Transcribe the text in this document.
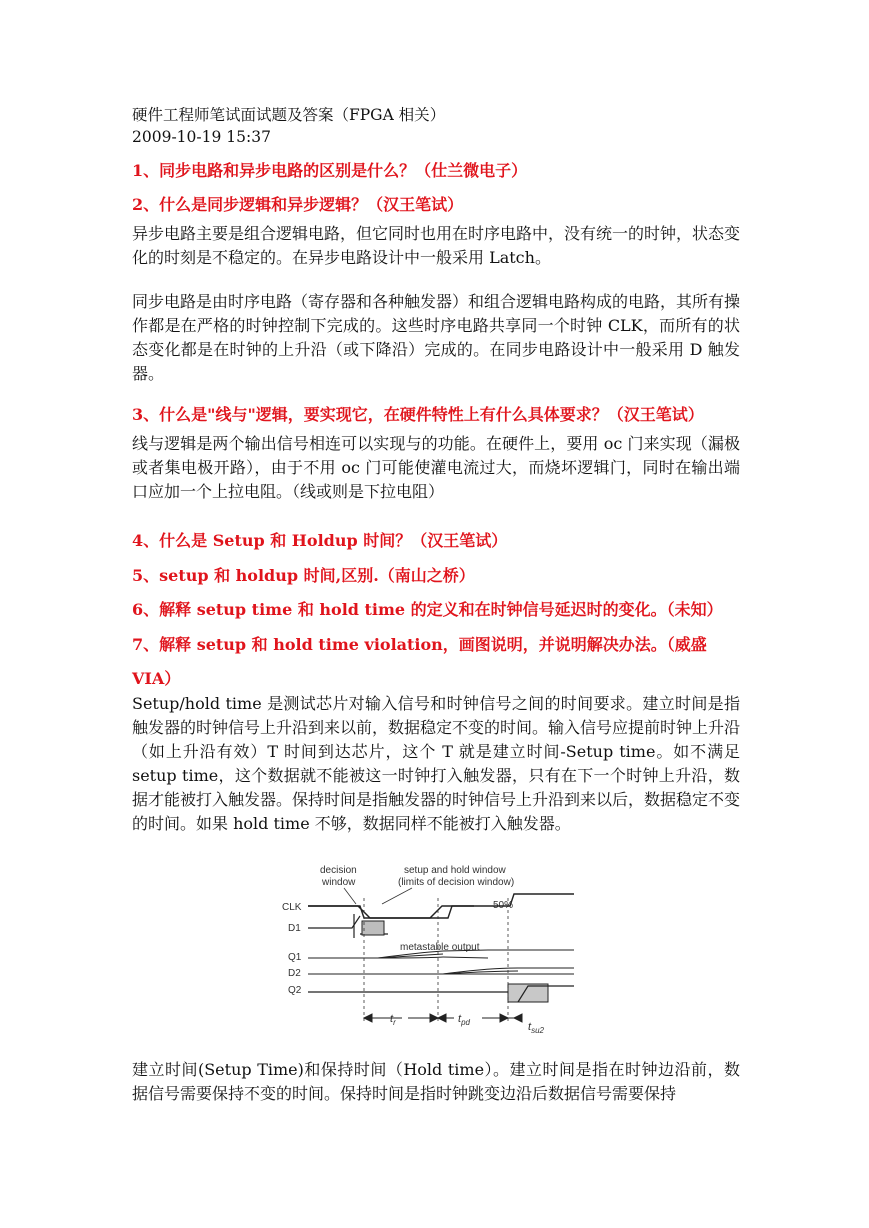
硬件工程师笔试面试题及答案（FPGA 相关）

2009-10-19 15:37

1、同步电路和异步电路的区别是什么？（仕兰微电子）

2、什么是同步逻辑和异步逻辑？（汉王笔试）

异步电路主要是组合逻辑电路，但它同时也用在时序电路中，没有统一的时钟，状态变化的时刻是不稳定的。在异步电路设计中一般采用 Latch。

同步电路是由时序电路（寄存器和各种触发器）和组合逻辑电路构成的电路，其所有操作都是在严格的时钟控制下完成的。这些时序电路共享同一个时钟 CLK，而所有的状态变化都是在时钟的上升沿（或下降沿）完成的。在同步电路设计中一般采用 D 触发器。

3、什么是"线与"逻辑，要实现它，在硬件特性上有什么具体要求？（汉王笔试）

线与逻辑是两个输出信号相连可以实现与的功能。在硬件上，要用 oc 门来实现（漏极或者集电极开路），由于不用 oc 门可能使灌电流过大，而烧坏逻辑门，同时在输出端口应加一个上拉电阻。（线或则是下拉电阻）

4、什么是 Setup 和 Holdup 时间？（汉王笔试）

5、setup 和 holdup 时间,区别.（南山之桥）

6、解释 setup time 和 hold time 的定义和在时钟信号延迟时的变化。（未知）

7、解释 setup 和 hold time violation，画图说明，并说明解决办法。（威盛

VIA）

Setup/hold time 是测试芯片对输入信号和时钟信号之间的时间要求。建立时间是指触发器的时钟信号上升沿到来以前，数据稳定不变的时间。输入信号应提前时钟上升沿（如上升沿有效）T 时间到达芯片，这个 T 就是建立时间-Setup time。如不满足 setup time，这个数据就不能被这一时钟打入触发器，只有在下一个时钟上升沿，数据才能被打入触发器。保持时间是指触发器的时钟信号上升沿到来以后，数据稳定不变的时间。如果 hold time 不够，数据同样不能被打入触发器。

decision
window
setup and hold window
(limits of decision window)
CLK
D1
Q1
D2
Q2
50%
metastable output
$t_r$	$t_{pd}$	$t_{su2}$

建立时间(Setup Time)和保持时间（Hold time）。建立时间是指在时钟边沿前，数据信号需要保持不变的时间。保持时间是指时钟跳变边沿后数据信号需要保持
